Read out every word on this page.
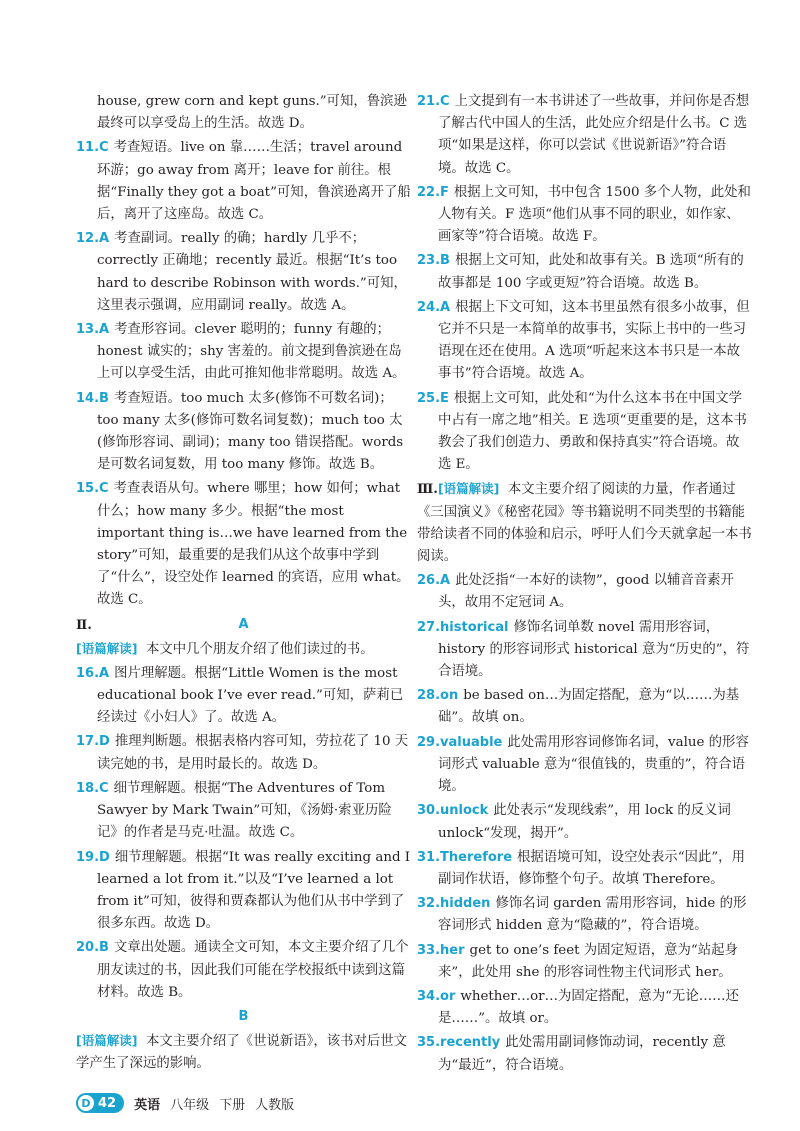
house, grew corn and kept guns.”可知，鲁滨逊最终可以享受岛上的生活。故选 D。

11.C 考查短语。live on 靠……生活；travel around 环游；go away from 离开；leave for 前往。根据“Finally they got a boat”可知，鲁滨逊离开了船后，离开了这座岛。故选 C。

12.A 考查副词。really 的确；hardly 几乎不；correctly 正确地；recently 最近。根据“It’s too hard to describe Robinson with words.”可知，这里表示强调，应用副词 really。故选 A。

13.A 考查形容词。clever 聪明的；funny 有趣的；honest 诚实的；shy 害羞的。前文提到鲁滨逊在岛上可以享受生活，由此可推知他非常聪明。故选 A。

14.B 考查短语。too much 太多(修饰不可数名词)；too many 太多(修饰可数名词复数)；much too 太(修饰形容词、副词)；many too 错误搭配。words 是可数名词复数，用 too many 修饰。故选 B。

15.C 考查表语从句。where 哪里；how 如何；what 什么；how many 多少。根据“the most important thing is…we have learned from the story”可知，最重要的是我们从这个故事中学到了“什么”，设空处作 learned 的宾语，应用 what。故选 C。

Ⅱ.	A

[语篇解读] 本文中几个朋友介绍了他们读过的书。

16.A 图片理解题。根据“Little Women is the most educational book I’ve ever read.”可知，萨莉已经读过《小妇人》了。故选 A。

17.D 推理判断题。根据表格内容可知，劳拉花了 10 天读完她的书，是用时最长的。故选 D。

18.C 细节理解题。根据“The Adventures of Tom Sawyer by Mark Twain”可知，《汤姆·索亚历险记》的作者是马克·吐温。故选 C。

19.D 细节理解题。根据“It was really exciting and I learned a lot from it.”以及“I’ve learned a lot from it”可知，彼得和贾森都认为他们从书中学到了很多东西。故选 D。

20.B 文章出处题。通读全文可知，本文主要介绍了几个朋友读过的书，因此我们可能在学校报纸中读到这篇材料。故选 B。

B

[语篇解读] 本文主要介绍了《世说新语》，该书对后世文学产生了深远的影响。

21.C 上文提到有一本书讲述了一些故事，并问你是否想了解古代中国人的生活，此处应介绍是什么书。C 选项“如果是这样，你可以尝试《世说新语》”符合语境。故选 C。

22.F 根据上文可知，书中包含 1500 多个人物，此处和人物有关。F 选项“他们从事不同的职业，如作家、画家等”符合语境。故选 F。

23.B 根据上文可知，此处和故事有关。B 选项“所有的故事都是 100 字或更短”符合语境。故选 B。

24.A 根据上下文可知，这本书里虽然有很多小故事，但它并不只是一本简单的故事书，实际上书中的一些习语现在还在使用。A 选项“听起来这本书只是一本故事书”符合语境。故选 A。

25.E 根据上文可知，此处和“为什么这本书在中国文学中占有一席之地”相关。E 选项“更重要的是，这本书教会了我们创造力、勇敢和保持真实”符合语境。故选 E。

Ⅲ.[语篇解读] 本文主要介绍了阅读的力量，作者通过《三国演义》《秘密花园》等书籍说明不同类型的书籍能带给读者不同的体验和启示，呼吁人们今天就拿起一本书阅读。

26.A 此处泛指“一本好的读物”，good 以辅音音素开头，故用不定冠词 A。

27.historical 修饰名词单数 novel 需用形容词，history 的形容词形式 historical 意为“历史的”，符合语境。

28.on be based on…为固定搭配，意为“以……为基础”。故填 on。

29.valuable 此处需用形容词修饰名词，value 的形容词形式 valuable 意为“很值钱的，贵重的”，符合语境。

30.unlock 此处表示“发现线索”，用 lock 的反义词 unlock“发现，揭开”。

31.Therefore 根据语境可知，设空处表示“因此”，用副词作状语，修饰整个句子。故填 Therefore。

32.hidden 修饰名词 garden 需用形容词，hide 的形容词形式 hidden 意为“隐藏的”，符合语境。

33.her get to one’s feet 为固定短语，意为“站起身来”，此处用 she 的形容词性物主代词形式 her。

34.or whether…or…为固定搭配，意为“无论……还是……”。故填 or。

35.recently 此处需用副词修饰动词，recently 意为“最近”，符合语境。

D 42 英语 八年级 下册 人教版
